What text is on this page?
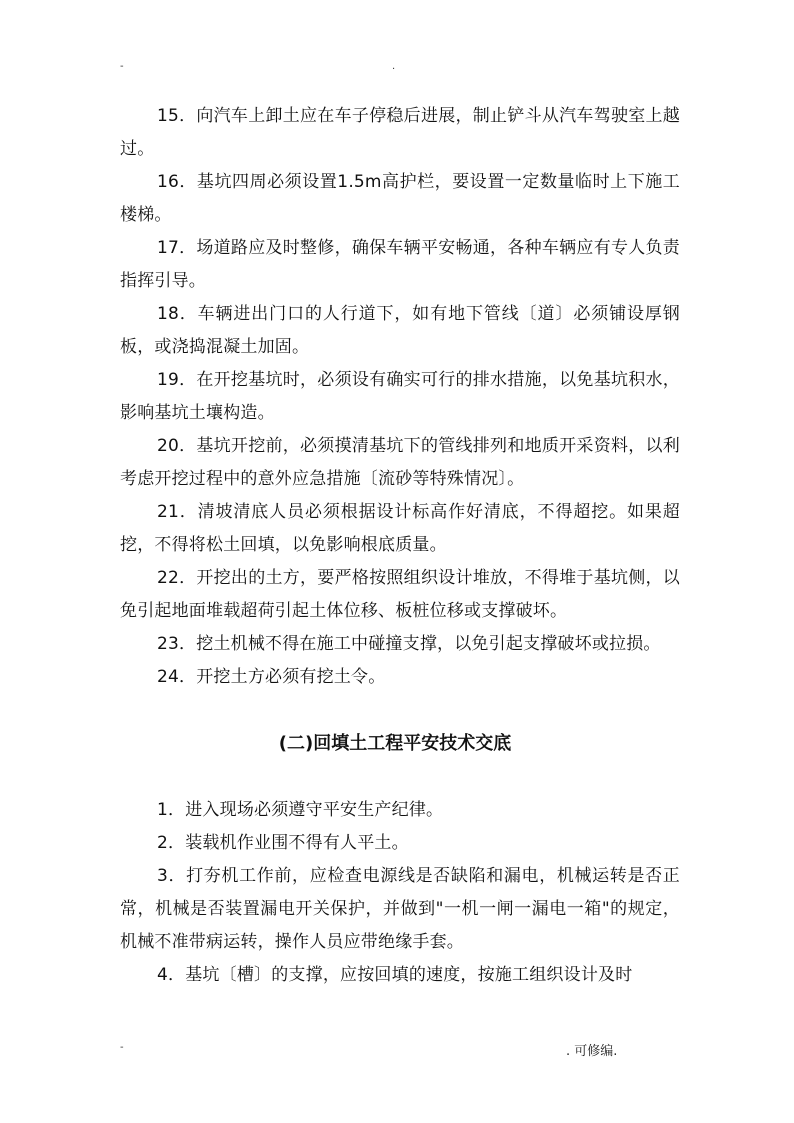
-	.

15．向汽车上卸土应在车子停稳后进展，制止铲斗从汽车驾驶室上越过。

16．基坑四周必须设置1.5m高护栏，要设置一定数量临时上下施工楼梯。

17．场道路应及时整修，确保车辆平安畅通，各种车辆应有专人负责指挥引导。

18．车辆进出门口的人行道下，如有地下管线〔道〕必须铺设厚钢板，或浇捣混凝土加固。

19．在开挖基坑时，必须设有确实可行的排水措施，以免基坑积水，影响基坑土壤构造。

20．基坑开挖前，必须摸清基坑下的管线排列和地质开采资料，以利考虑开挖过程中的意外应急措施〔流砂等特殊情况〕。

21．清坡清底人员必须根据设计标高作好清底，不得超挖。如果超挖，不得将松土回填，以免影响根底质量。

22．开挖出的土方，要严格按照组织设计堆放，不得堆于基坑侧，以免引起地面堆载超荷引起土体位移、板桩位移或支撑破坏。

23．挖土机械不得在施工中碰撞支撑，以免引起支撑破坏或拉损。

24．开挖土方必须有挖土令。

(二)回填土工程平安技术交底

1．进入现场必须遵守平安生产纪律。

2．装载机作业围不得有人平土。

3．打夯机工作前，应检查电源线是否缺陷和漏电，机械运转是否正常，机械是否装置漏电开关保护，并做到"一机一闸一漏电一箱"的规定，机械不准带病运转，操作人员应带绝缘手套。

4．基坑〔槽〕的支撑，应按回填的速度，按施工组织设计及时

-	. 可修编.
